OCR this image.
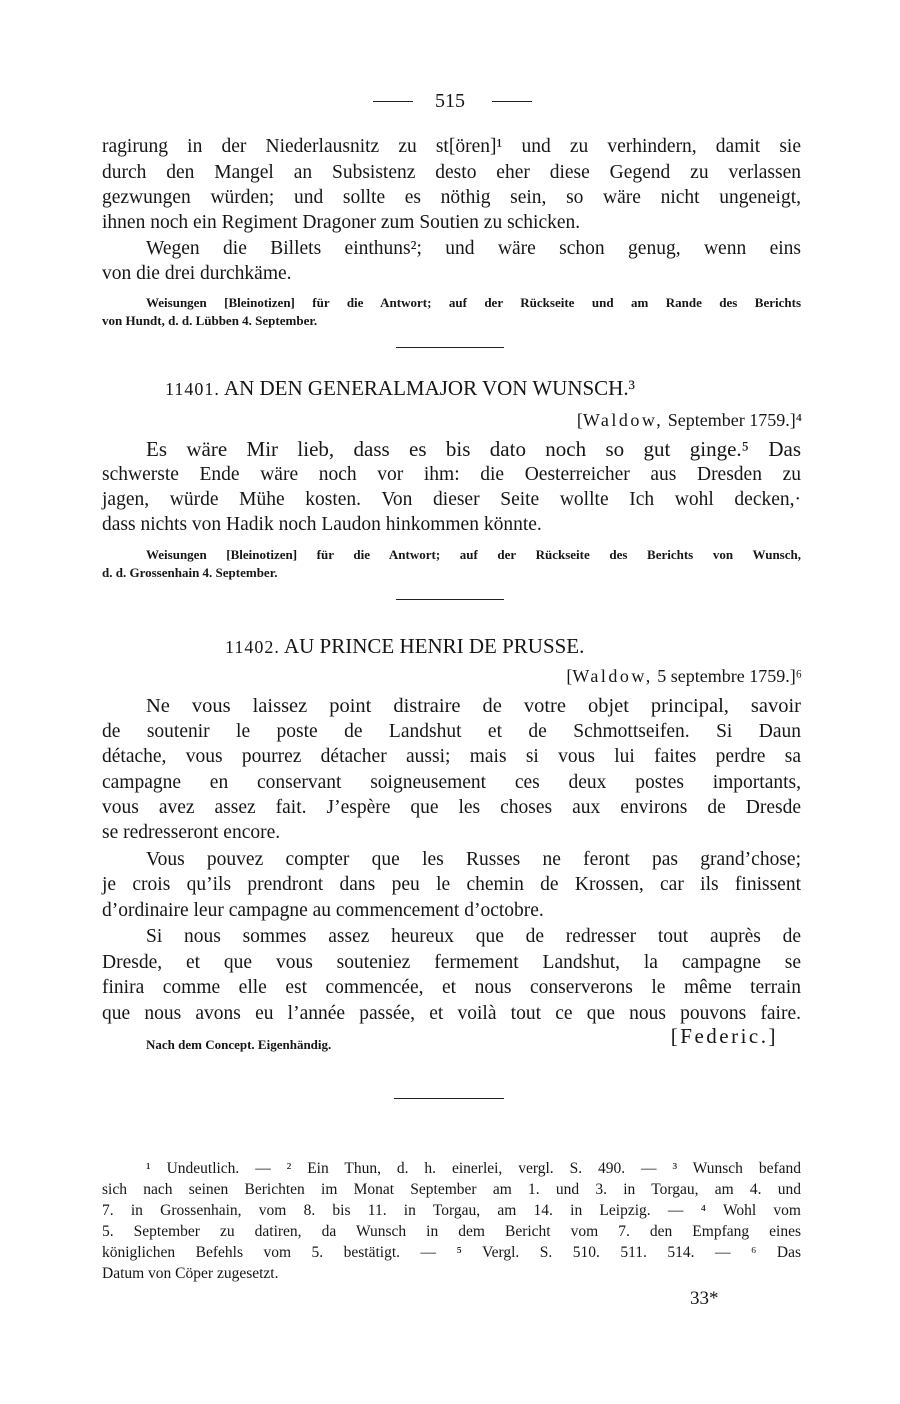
515
ragirung in der Niederlausnitz zu st[ören]¹ und zu verhindern, damit sie
durch den Mangel an Subsistenz desto eher diese Gegend zu verlassen
gezwungen würden; und sollte es nöthig sein, so wäre nicht ungeneigt,
ihnen noch ein Regiment Dragoner zum Soutien zu schicken.
Wegen die Billets einthuns²; und wäre schon genug, wenn eins
von die drei durchkäme.
Weisungen [Bleinotizen] für die Antwort; auf der Rückseite und am Rande des Berichts
von Hundt, d. d. Lübben 4. September.
11401. AN DEN GENERALMAJOR VON WUNSCH.³
[Waldow, September 1759.]⁴
Es wäre Mir lieb, dass es bis dato noch so gut ginge.⁵ Das
schwerste Ende wäre noch vor ihm: die Oesterreicher aus Dresden zu
jagen, würde Mühe kosten. Von dieser Seite wollte Ich wohl decken,·
dass nichts von Hadik noch Laudon hinkommen könnte.
Weisungen [Bleinotizen] für die Antwort; auf der Rückseite des Berichts von Wunsch,
d. d. Grossenhain 4. September.
11402. AU PRINCE HENRI DE PRUSSE.
[Waldow, 5 septembre 1759.]⁶
Ne vous laissez point distraire de votre objet principal, savoir
de soutenir le poste de Landshut et de Schmottseifen. Si Daun
détache, vous pourrez détacher aussi; mais si vous lui faites perdre sa
campagne en conservant soigneusement ces deux postes importants,
vous avez assez fait. J’espère que les choses aux environs de Dresde
se redresseront encore.
Vous pouvez compter que les Russes ne feront pas grand’chose;
je crois qu’ils prendront dans peu le chemin de Krossen, car ils finissent
d’ordinaire leur campagne au commencement d’octobre.
Si nous sommes assez heureux que de redresser tout auprès de
Dresde, et que vous souteniez fermement Landshut, la campagne se
finira comme elle est commencée, et nous conserverons le même terrain
que nous avons eu l’année passée, et voilà tout ce que nous pouvons faire.
Nach dem Concept. Eigenhändig.	[Federic.]
¹ Undeutlich. — ² Ein Thun, d. h. einerlei, vergl. S. 490. — ³ Wunsch befand
sich nach seinen Berichten im Monat September am 1. und 3. in Torgau, am 4. und
7. in Grossenhain, vom 8. bis 11. in Torgau, am 14. in Leipzig. — ⁴ Wohl vom
5. September zu datiren, da Wunsch in dem Bericht vom 7. den Empfang eines
königlichen Befehls vom 5. bestätigt. — ⁵ Vergl. S. 510. 511. 514. — ⁶ Das
Datum von Cöper zugesetzt.
33*
